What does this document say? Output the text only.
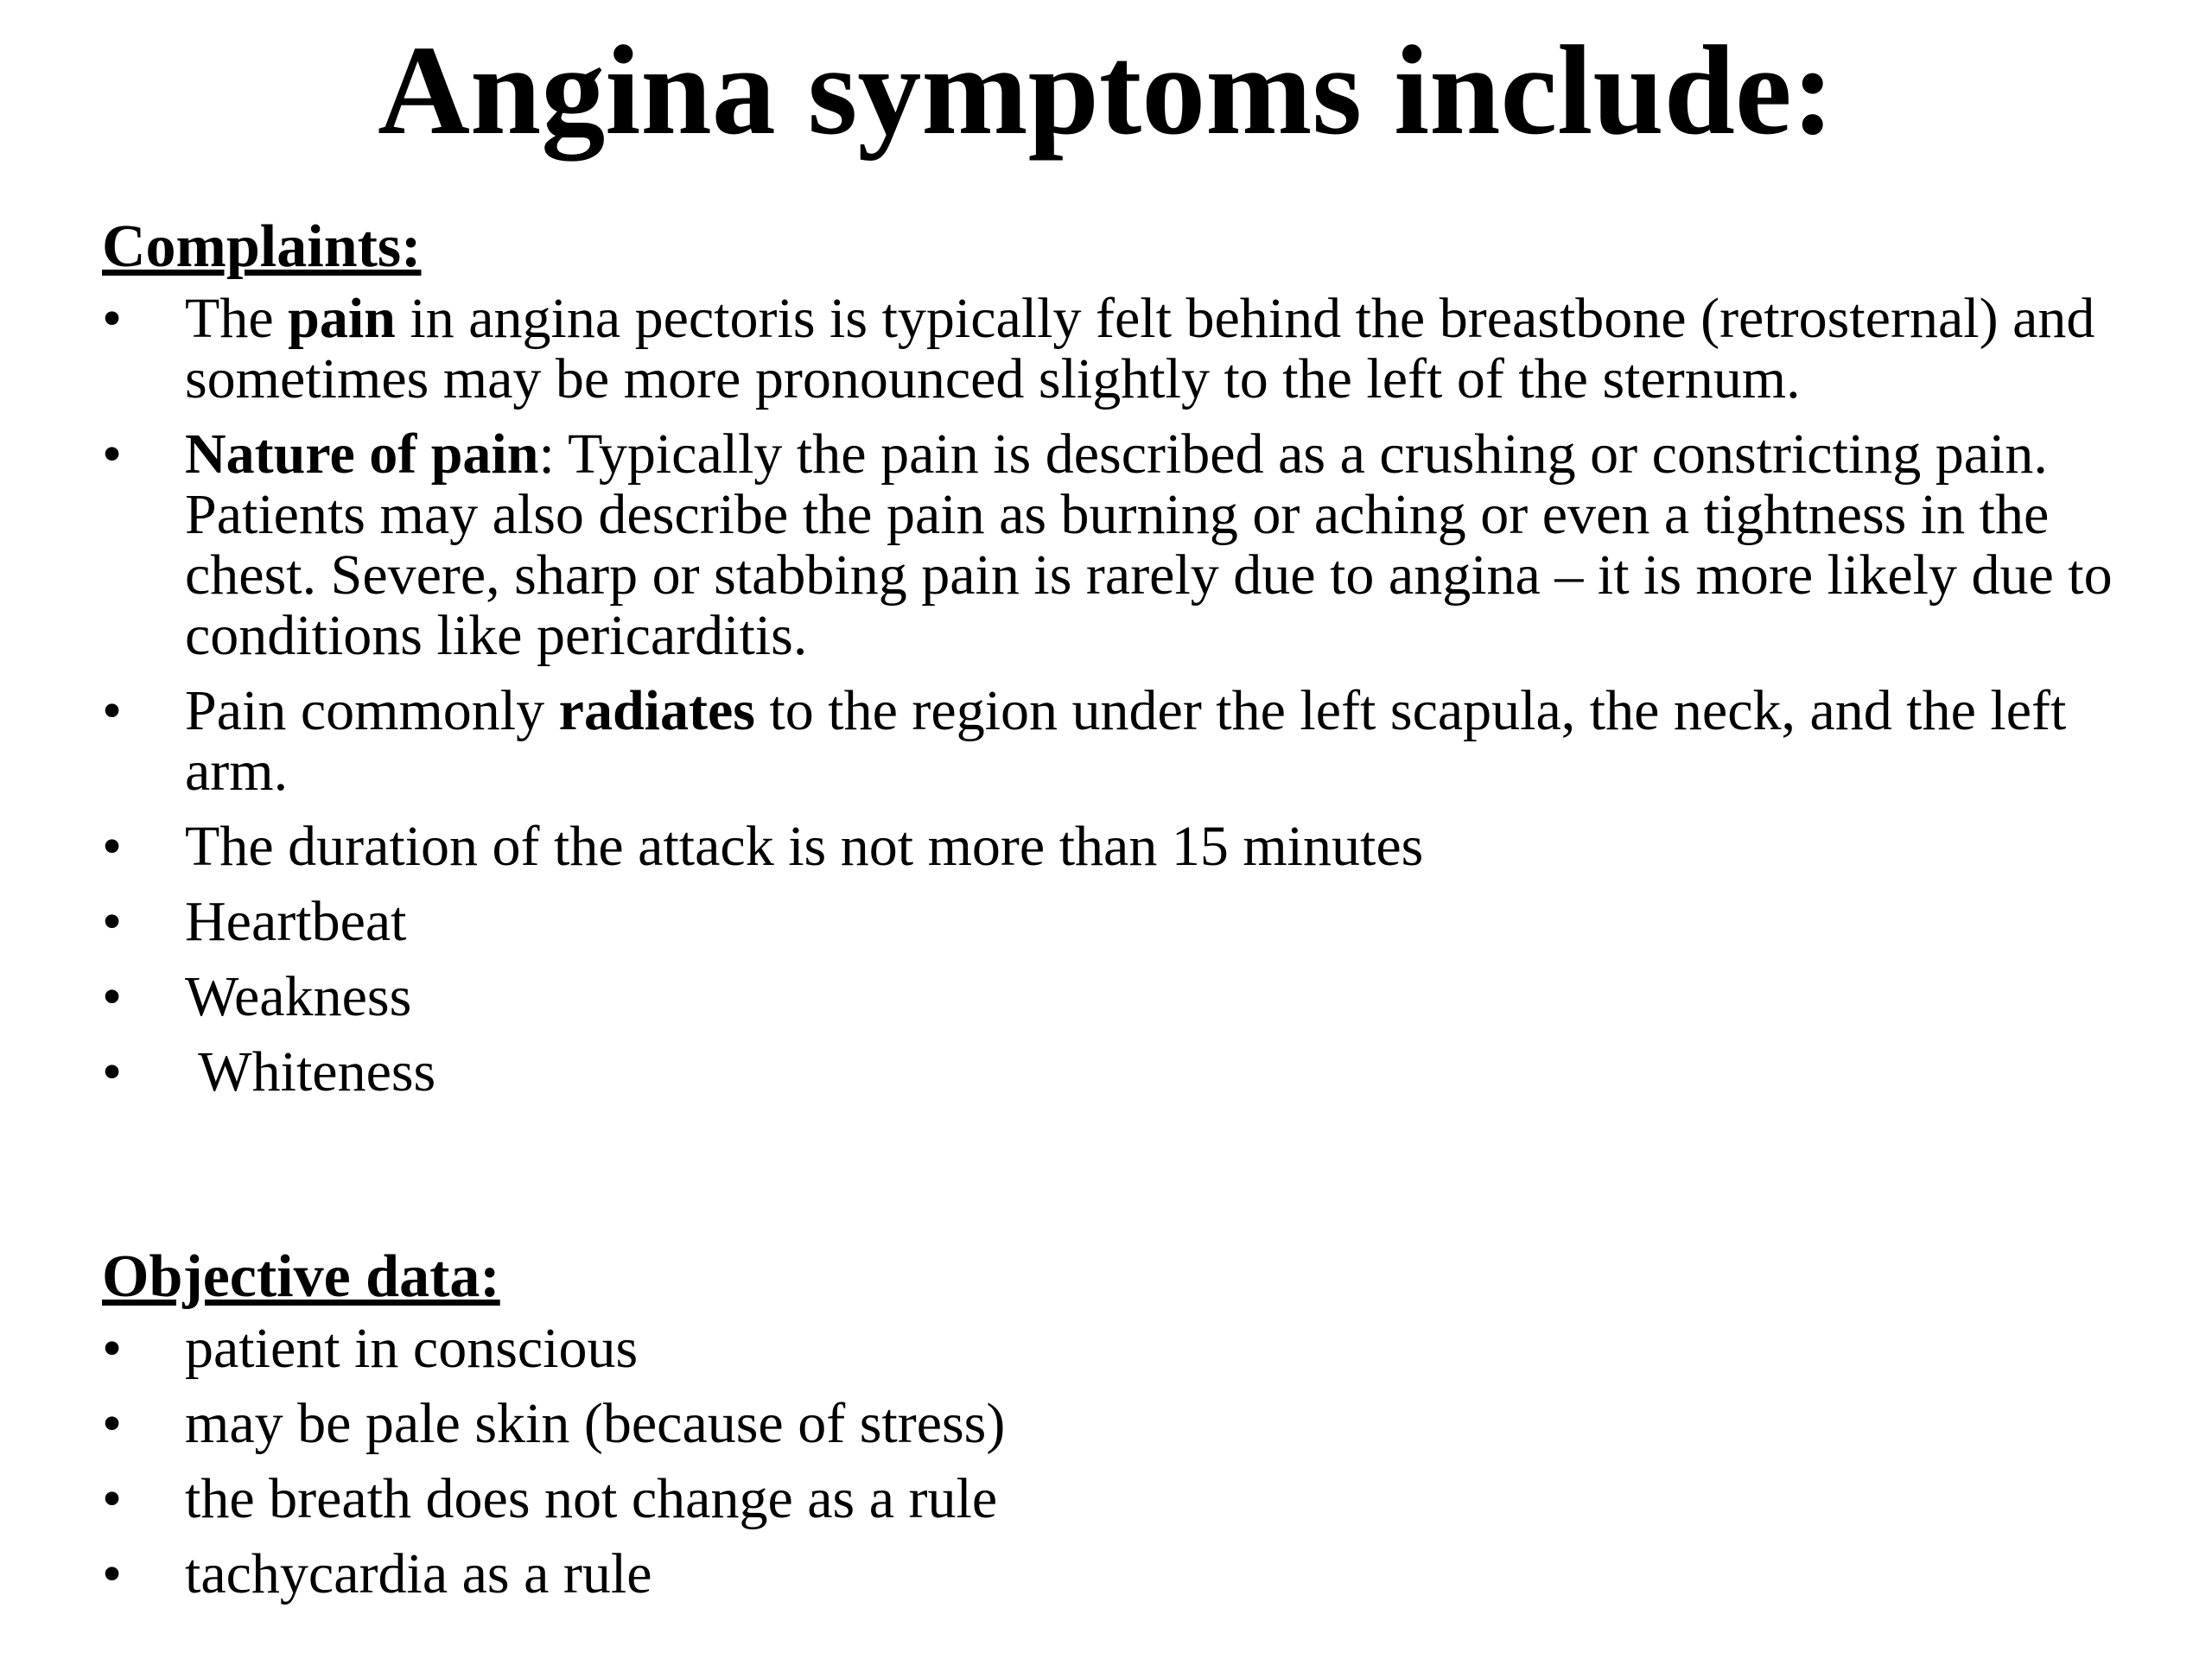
Angina symptoms include:
Complaints:
• The pain in angina pectoris is typically felt behind the breastbone (retrosternal) and sometimes may be more pronounced slightly to the left of the sternum.
• Nature of pain: Typically the pain is described as a crushing or constricting pain. Patients may also describe the pain as burning or aching or even a tightness in the chest. Severe, sharp or stabbing pain is rarely due to angina – it is more likely due to conditions like pericarditis.
• Pain commonly radiates to the region under the left scapula, the neck, and the left arm.
• The duration of the attack is not more than 15 minutes
• Heartbeat
• Weakness
• Whiteness
Objective data:
• patient in conscious
• may be pale skin (because of stress)
• the breath does not change as a rule
• tachycardia as a rule
